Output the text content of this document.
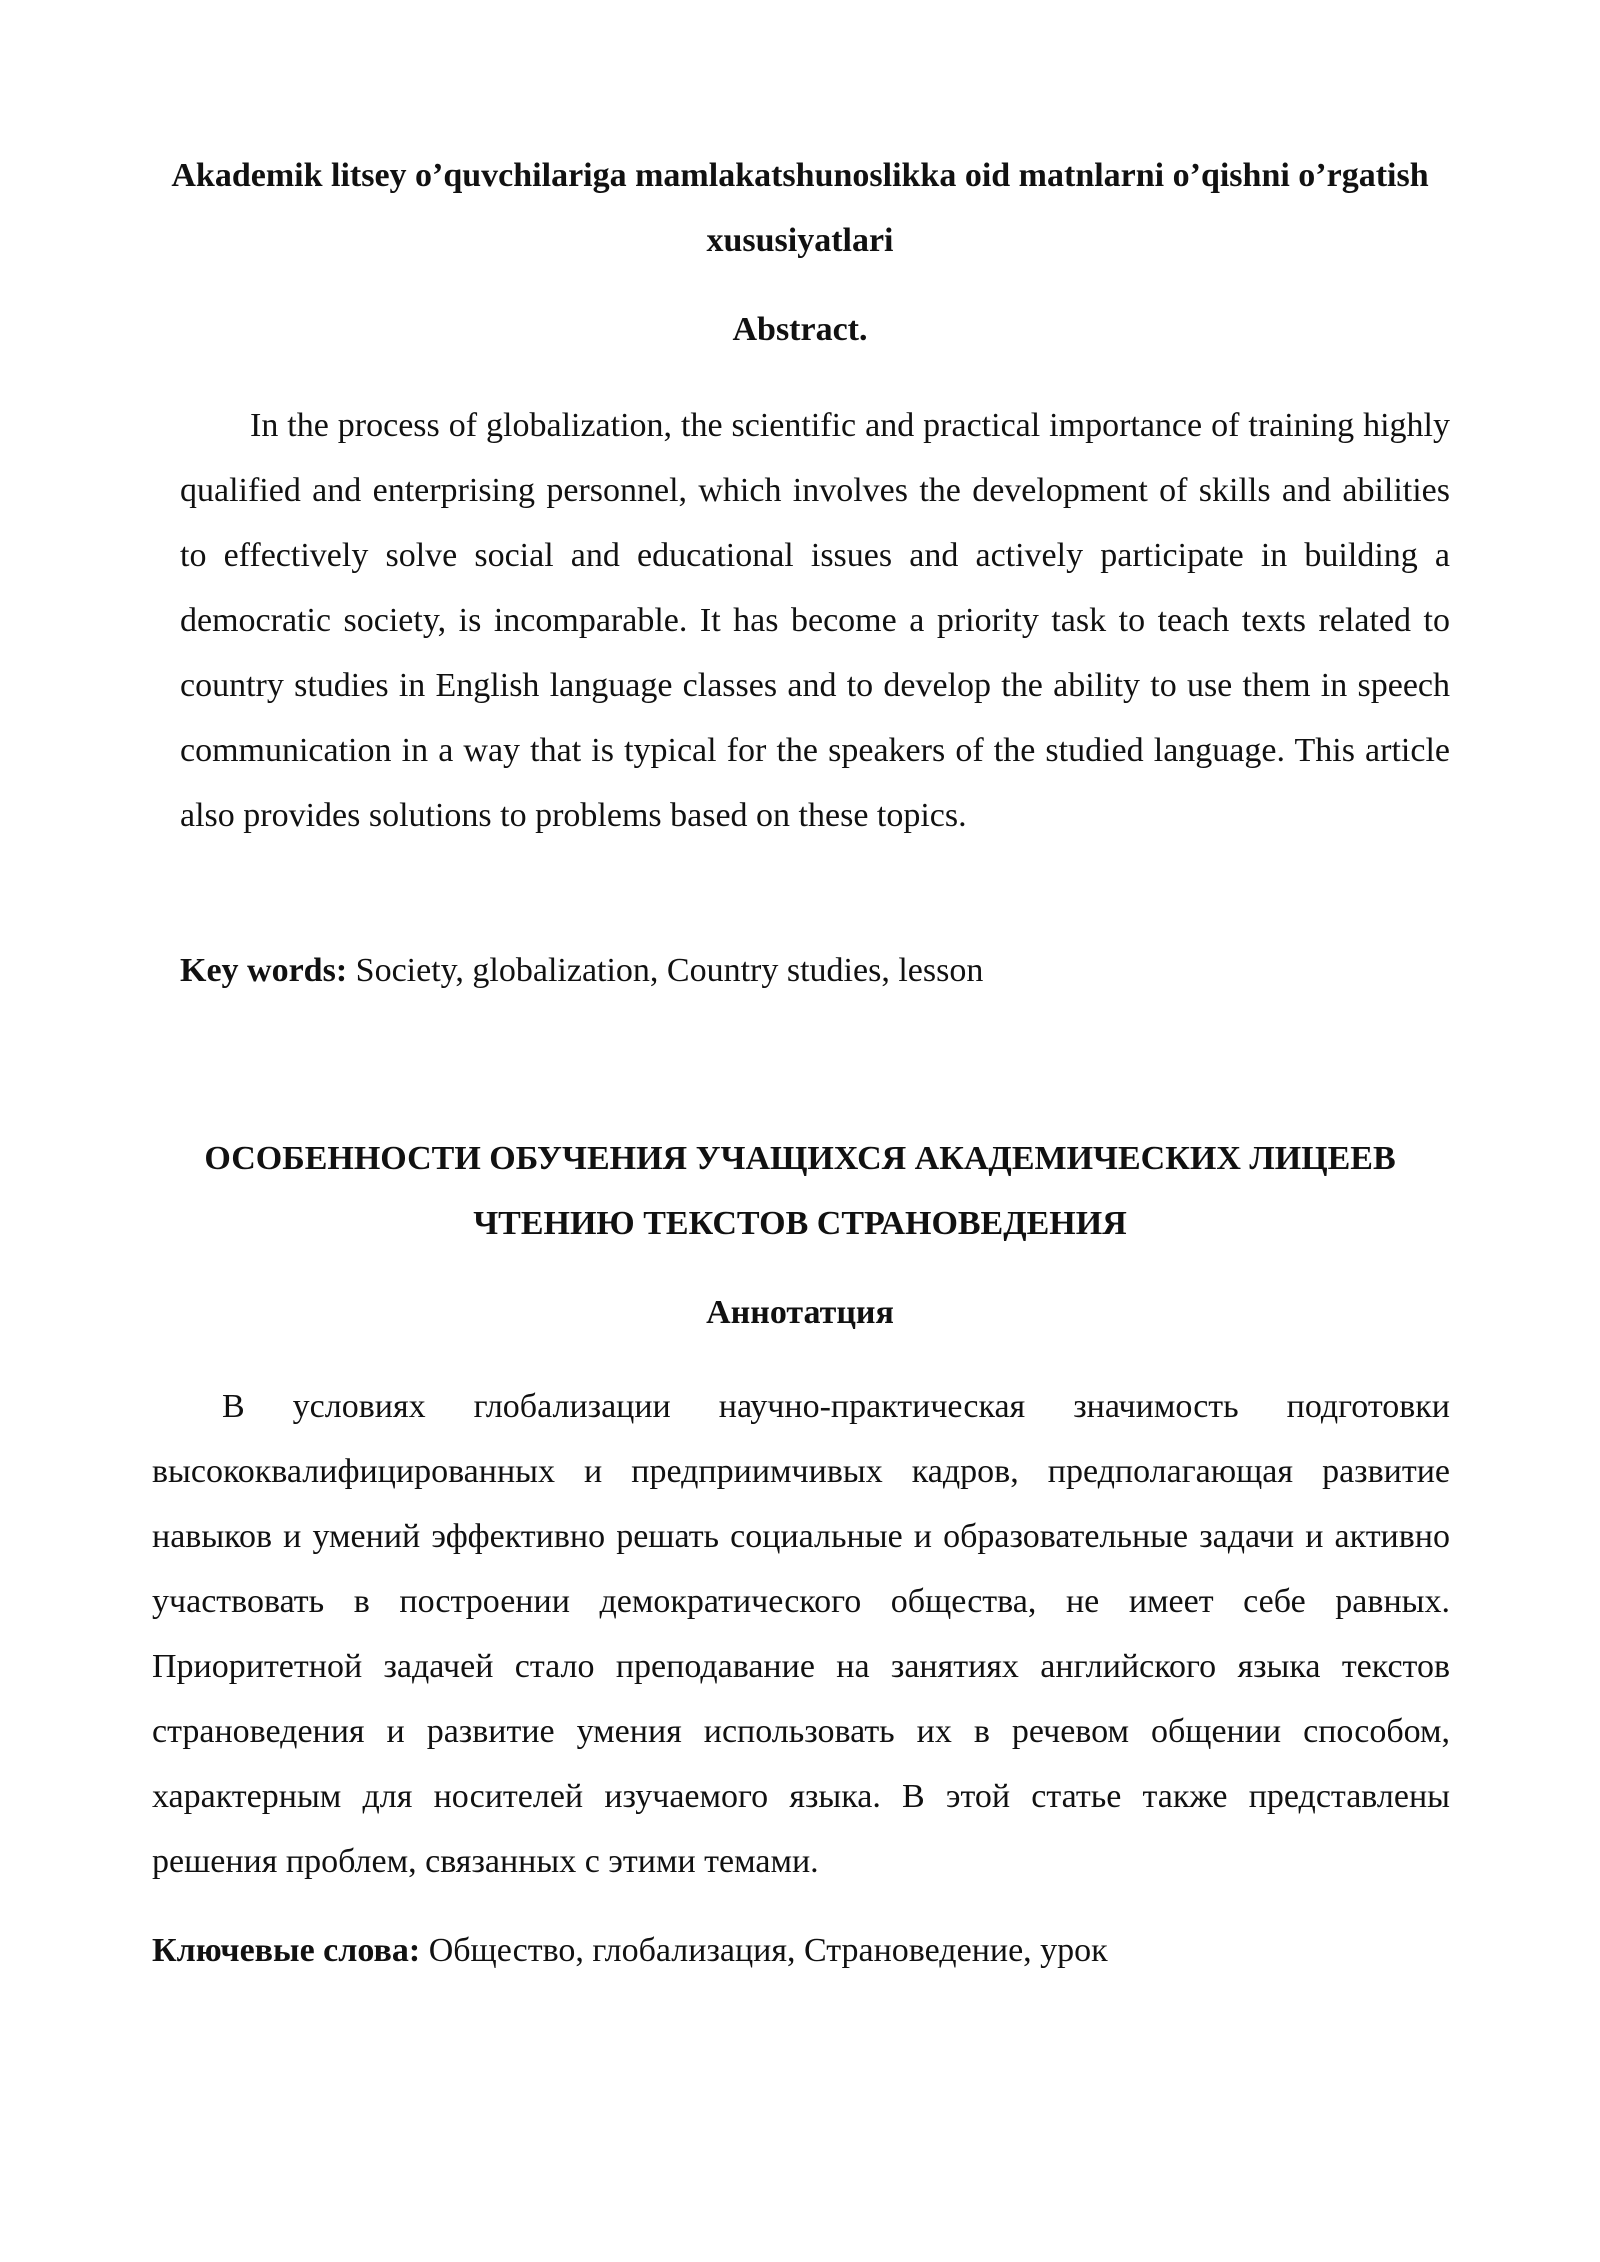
Akademik litsey o’quvchilariga mamlakatshunoslikka oid matnlarni o’qishni o’rgatish xususiyatlari
Abstract.

In the process of globalization, the scientific and practical importance of training highly qualified and enterprising personnel, which involves the development of skills and abilities to effectively solve social and educational issues and actively participate in building a democratic society, is incomparable. It has become a priority task to teach texts related to country studies in English language classes and to develop the ability to use them in speech communication in a way that is typical for the speakers of the studied language. This article also provides solutions to problems based on these topics.

Key words: Society, globalization, Country studies, lesson

ОСОБЕННОСТИ ОБУЧЕНИЯ УЧАЩИХСЯ АКАДЕМИЧЕСКИХ ЛИЦЕЕВ ЧТЕНИЮ ТЕКСТОВ СТРАНОВЕДЕНИЯ
Аннотатция

В условиях глобализации научно-практическая значимость подготовки высококвалифицированных и предприимчивых кадров, предполагающая развитие навыков и умений эффективно решать социальные и образовательные задачи и активно участвовать в построении демократического общества, не имеет себе равных. Приоритетной задачей стало преподавание на занятиях английского языка текстов страноведения и развитие умения использовать их в речевом общении способом, характерным для носителей изучаемого языка. В этой статье также представлены решения проблем, связанных с этими темами.

Ключевые слова: Общество, глобализация, Страноведение, урок
